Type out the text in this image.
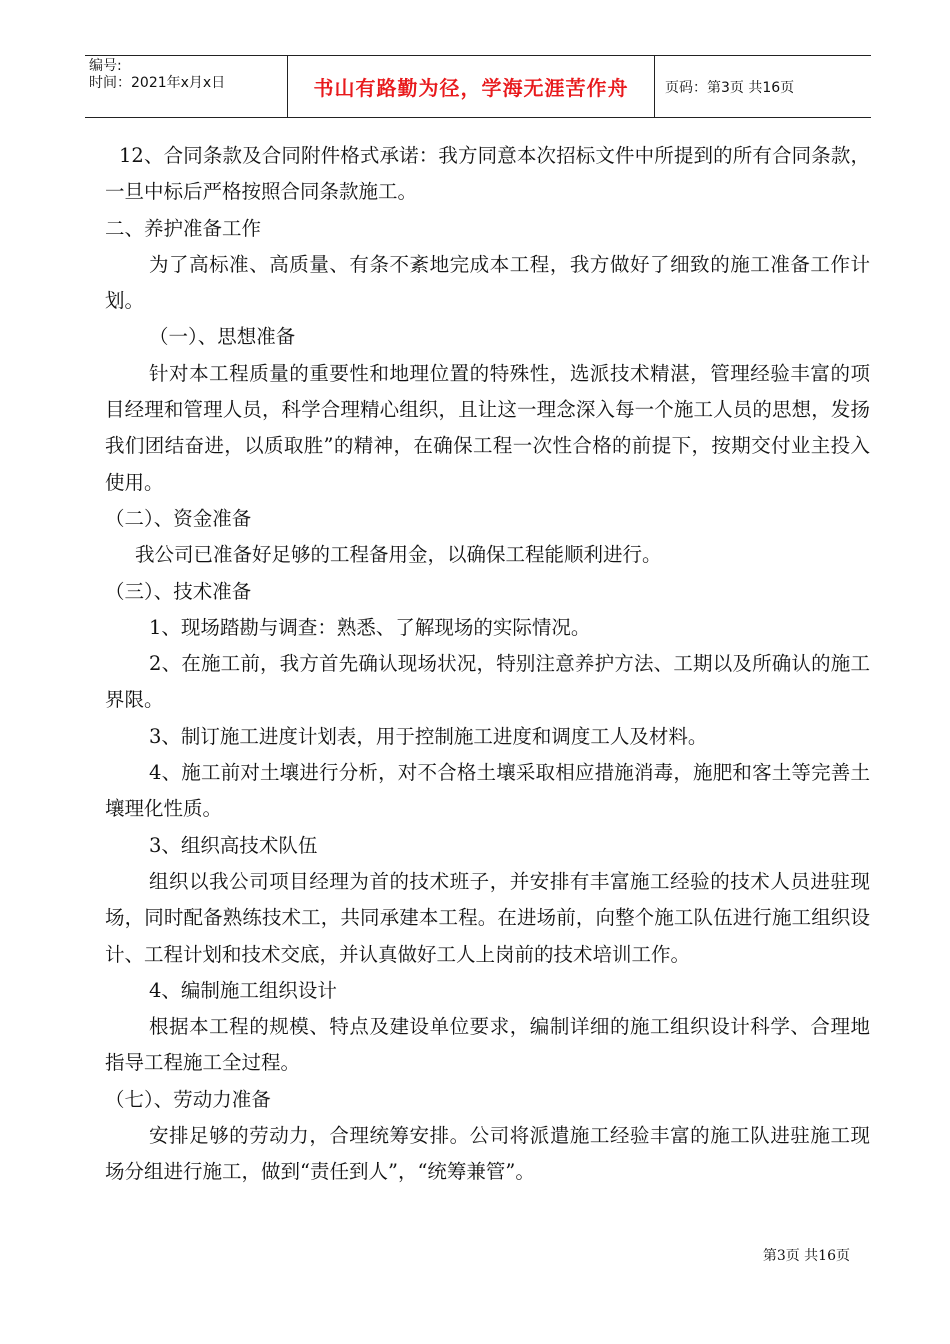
编号:
时间：2021年x月x日	书山有路勤为径，学海无涯苦作舟	页码：第3页 共16页

12、合同条款及合同附件格式承诺：我方同意本次招标文件中所提到的所有合同条款，一旦中标后严格按照合同条款施工。

二、养护准备工作

为了高标准、高质量、有条不紊地完成本工程，我方做好了细致的施工准备工作计划。

（一）、思想准备

针对本工程质量的重要性和地理位置的特殊性，选派技术精湛，管理经验丰富的项目经理和管理人员，科学合理精心组织，且让这一理念深入每一个施工人员的思想，发扬我们团结奋进，以质取胜”的精神，在确保工程一次性合格的前提下，按期交付业主投入使用。

（二）、资金准备

我公司已准备好足够的工程备用金，以确保工程能顺利进行。

（三）、技术准备

1、现场踏勘与调查：熟悉、了解现场的实际情况。

2、在施工前，我方首先确认现场状况，特别注意养护方法、工期以及所确认的施工界限。

3、制订施工进度计划表，用于控制施工进度和调度工人及材料。

4、施工前对土壤进行分析，对不合格土壤采取相应措施消毒，施肥和客土等完善土壤理化性质。

3、组织高技术队伍

组织以我公司项目经理为首的技术班子，并安排有丰富施工经验的技术人员进驻现场，同时配备熟练技术工，共同承建本工程。在进场前，向整个施工队伍进行施工组织设计、工程计划和技术交底，并认真做好工人上岗前的技术培训工作。

4、编制施工组织设计

根据本工程的规模、特点及建设单位要求，编制详细的施工组织设计科学、合理地指导工程施工全过程。

（七）、劳动力准备

安排足够的劳动力，合理统筹安排。公司将派遣施工经验丰富的施工队进驻施工现场分组进行施工，做到“责任到人”，“统筹兼管”。

第3页 共16页
